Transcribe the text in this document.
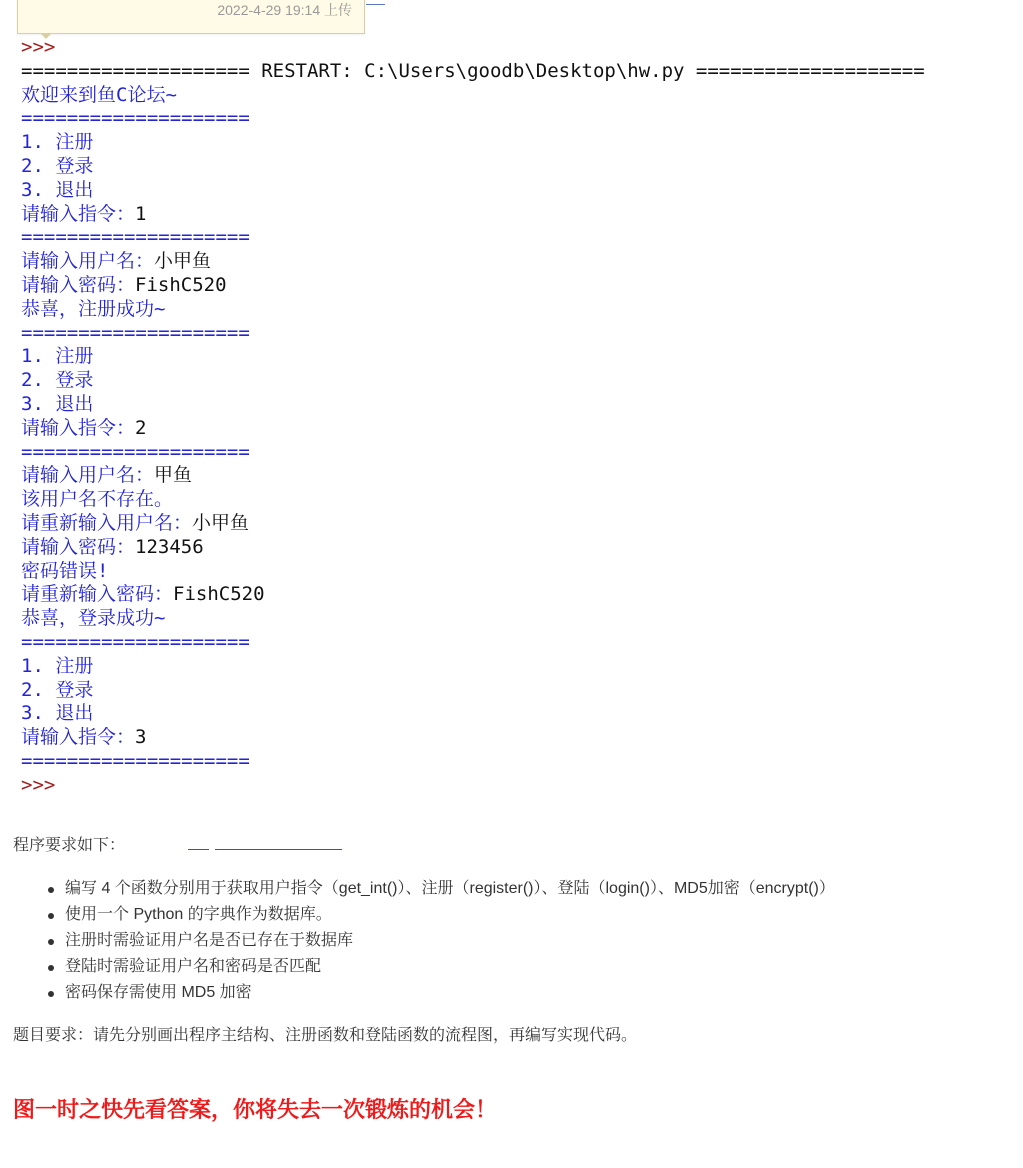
2022-4-29 19:14 上传
>>>
==================== RESTART: C:\Users\goodb\Desktop\hw.py ====================
欢迎来到鱼C论坛~
====================
1. 注册
2. 登录
3. 退出
请输入指令：1
====================
请输入用户名：小甲鱼
请输入密码：FishC520
恭喜，注册成功~
====================
1. 注册
2. 登录
3. 退出
请输入指令：2
====================
请输入用户名：甲鱼
该用户名不存在。
请重新输入用户名：小甲鱼
请输入密码：123456
密码错误!
请重新输入密码：FishC520
恭喜，登录成功~
====================
1. 注册
2. 登录
3. 退出
请输入指令：3
====================
>>>
程序要求如下：
编写 4 个函数分别用于获取用户指令（get_int()）、注册（register()）、登陆（login()）、MD5加密（encrypt()）
使用一个 Python 的字典作为数据库。
注册时需验证用户名是否已存在于数据库
登陆时需验证用户名和密码是否匹配
密码保存需使用 MD5 加密
题目要求：请先分别画出程序主结构、注册函数和登陆函数的流程图，再编写实现代码。
图一时之快先看答案，你将失去一次锻炼的机会！
